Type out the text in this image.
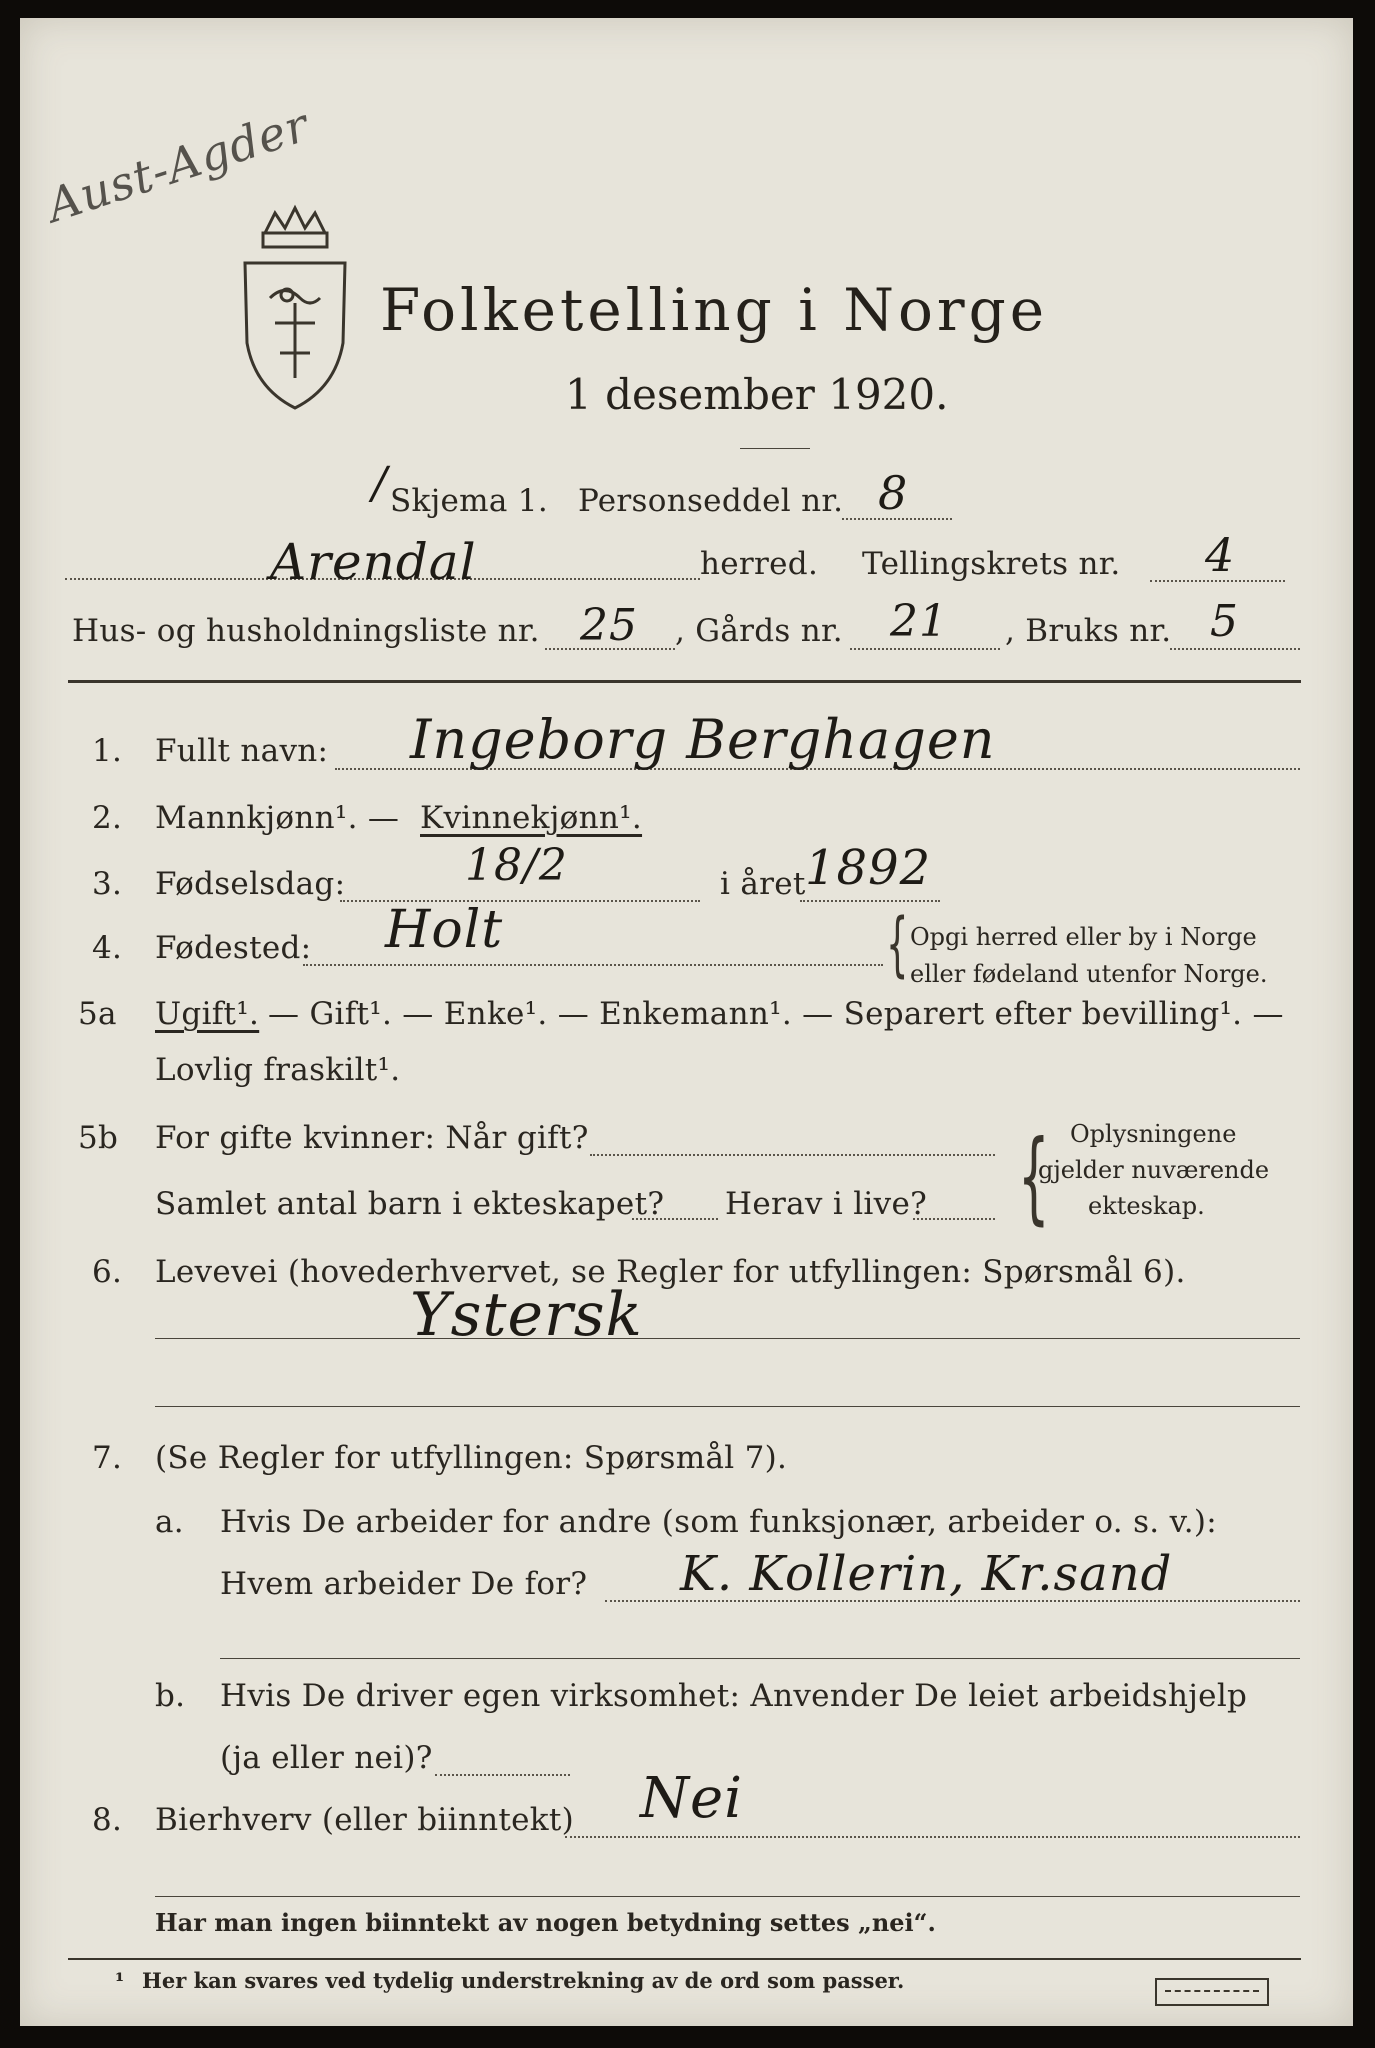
Aust-Agder
Folketelling i Norge
1 desember 1920.
/ Skjema 1. Personseddel nr. 8
Arendal	herred. Tellingskrets nr. 4
Hus- og husholdningsliste nr. 25 , Gårds nr. 21 , Bruks nr. 5
1. Fullt navn: Ingeborg Berghagen
2. Mannkjønn¹. — Kvinnekjønn¹.
3. Fødselsdag:	18/2	i året 1892
4. Fødested: Holt	{ Opgi herred eller by i Norge
eller fødeland utenfor Norge.
5a Ugift¹. — Gift¹. — Enke¹. — Enkemann¹. — Separert efter bevilling¹. —
Lovlig fraskilt¹.
5b For gifte kvinner: Når gift?
Samlet antal barn i ekteskapet? Herav i live? { Oplysningene
gjelder nuværende
ekteskap.
6. Levevei (hovederhvervet, se Regler for utfyllingen: Spørsmål 6).
Ystersk
7. (Se Regler for utfyllingen: Spørsmål 7).
a. Hvis De arbeider for andre (som funksjonær, arbeider o. s. v.):
Hvem arbeider De for? K. Kollerin, Kr.sand
b. Hvis De driver egen virksomhet: Anvender De leiet arbeidshjelp
(ja eller nei)?
8. Bierhverv (eller biinntekt) Nei
Har man ingen biinntekt av nogen betydning settes „nei“.
¹ Her kan svares ved tydelig understrekning av de ord som passer.
